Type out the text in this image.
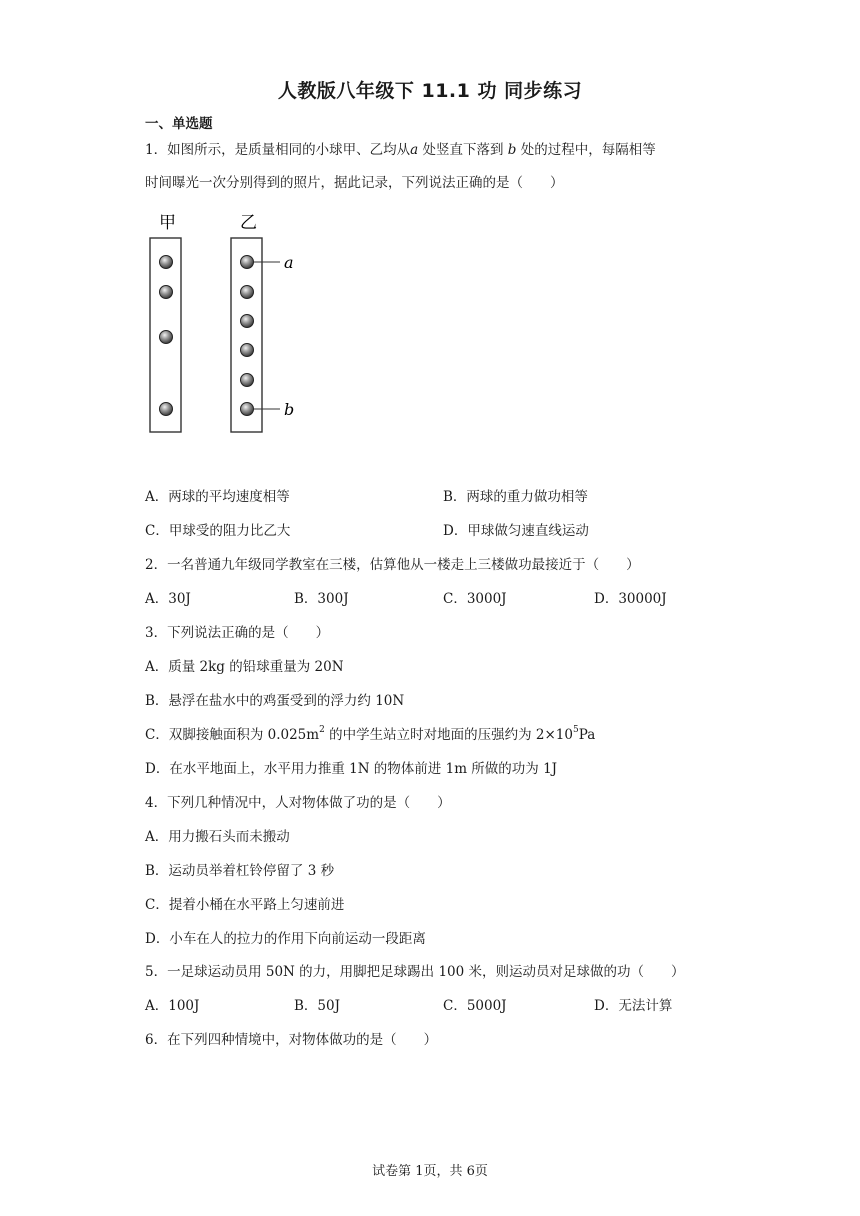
人教版八年级下 11.1 功 同步练习
一、单选题
1．如图所示，是质量相同的小球甲、乙均从a 处竖直下落到 b 处的过程中，每隔相等
时间曝光一次分别得到的照片，据此记录，下列说法正确的是（　　）
甲	乙
a
b
A．两球的平均速度相等	B．两球的重力做功相等
C．甲球受的阻力比乙大	D．甲球做匀速直线运动
2．一名普通九年级同学教室在三楼，估算他从一楼走上三楼做功最接近于（　　）
A．30J	B．300J	C．3000J	D．30000J
3．下列说法正确的是（　　）
A．质量 2kg 的铅球重量为 20N
B．悬浮在盐水中的鸡蛋受到的浮力约 10N
C．双脚接触面积为 $0.025m^2$ 的中学生站立时对地面的压强约为 $2\times 10^5Pa$
D．在水平地面上，水平用力推重 1N 的物体前进 1m 所做的功为 1J
4．下列几种情况中，人对物体做了功的是（　　）
A．用力搬石头而未搬动
B．运动员举着杠铃停留了 3 秒
C．提着小桶在水平路上匀速前进
D．小车在人的拉力的作用下向前运动一段距离
5．一足球运动员用 50N 的力，用脚把足球踢出 100 米，则运动员对足球做的功（　　）
A．100J	B．50J	C．5000J	D．无法计算
6．在下列四种情境中，对物体做功的是（　　）
试卷第 1页，共 6页
